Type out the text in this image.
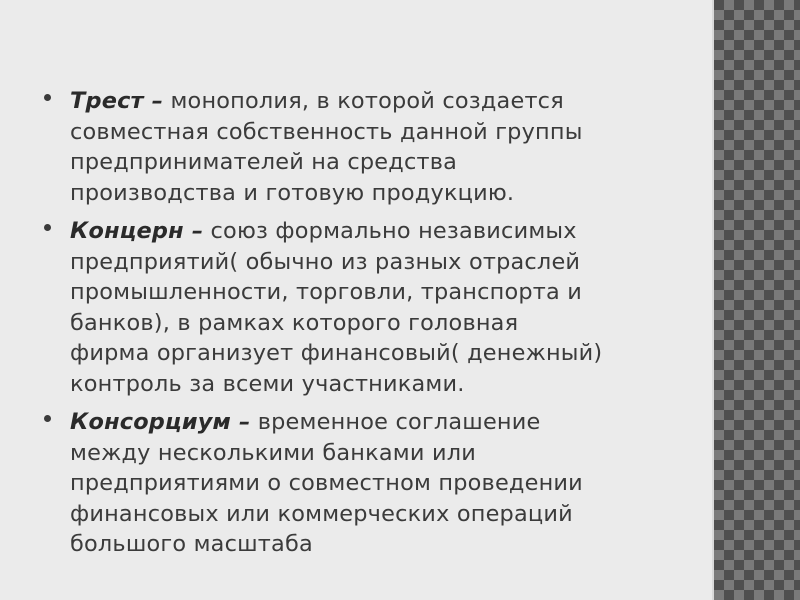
Трест – монополия, в которой создается
совместная собственность данной группы
предпринимателей на средства
производства и готовую продукцию.
Концерн – союз формально независимых
предприятий( обычно из разных отраслей
промышленности, торговли, транспорта и
банков), в рамках которого головная
фирма организует финансовый( денежный)
контроль за всеми участниками.
Консорциум – временное соглашение
между несколькими банками или
предприятиями о совместном проведении
финансовых или коммерческих операций
большого масштаба
